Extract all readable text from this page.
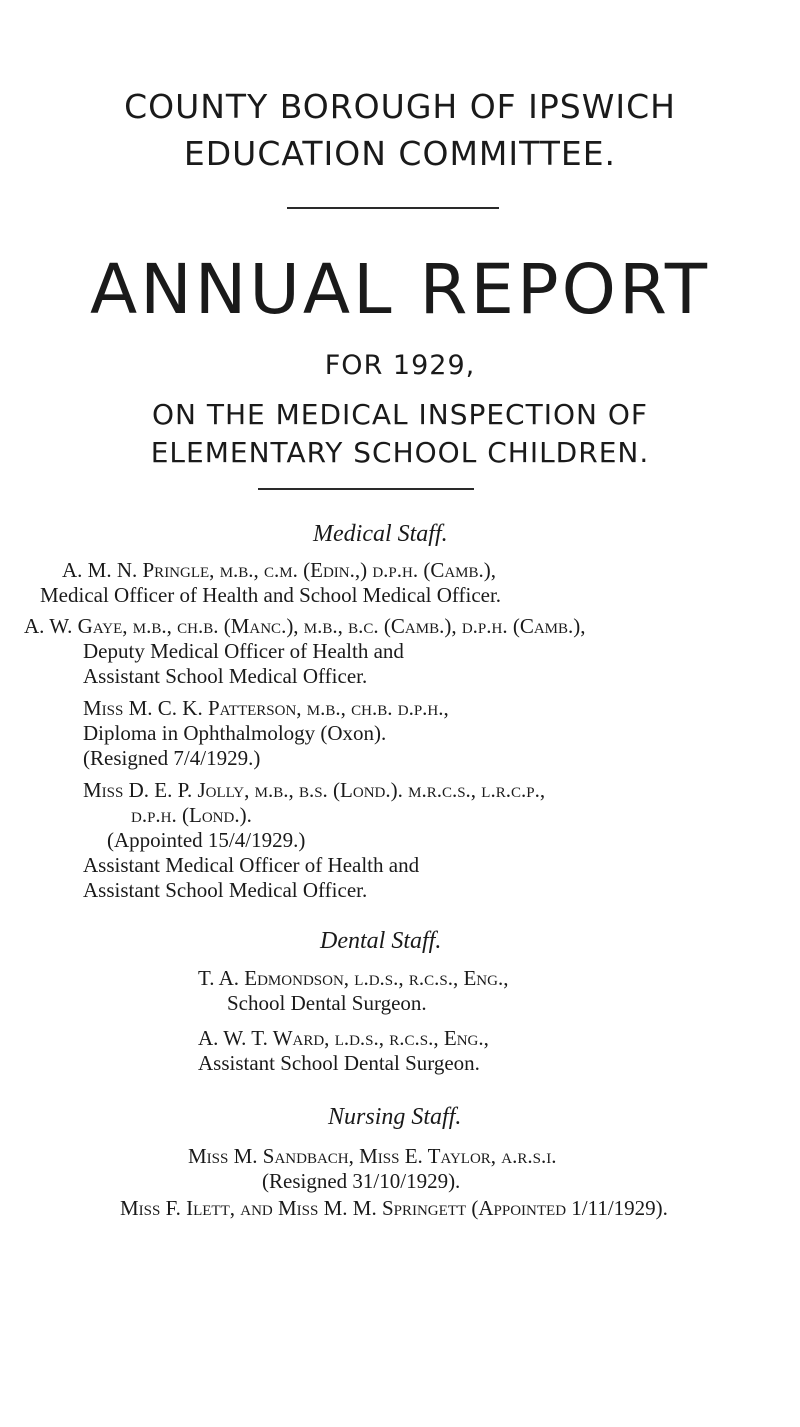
COUNTY BOROUGH OF IPSWICH
EDUCATION COMMITTEE.
ANNUAL REPORT
FOR 1929,
ON THE MEDICAL INSPECTION OF
ELEMENTARY SCHOOL CHILDREN.
Medical Staff.
A. M. N. Pringle, m.b., c.m. (Edin.,) d.p.h. (Camb.),
Medical Officer of Health and School Medical Officer.
A. W. Gaye, m.b., ch.b. (Manc.), m.b., b.c. (Camb.), d.p.h. (Camb.),
Deputy Medical Officer of Health and
Assistant School Medical Officer.
Miss M. C. K. Patterson, m.b., ch.b. d.p.h.,
Diploma in Ophthalmology (Oxon).
(Resigned 7/4/1929.)
Miss D. E. P. Jolly, m.b., b.s. (Lond.). m.r.c.s., l.r.c.p.,
d.p.h. (Lond.).
(Appointed 15/4/1929.)
Assistant Medical Officer of Health and
Assistant School Medical Officer.
Dental Staff.
T. A. Edmondson, l.d.s., r.c.s., Eng.,
School Dental Surgeon.
A. W. T. Ward, l.d.s., r.c.s., Eng.,
Assistant School Dental Surgeon.
Nursing Staff.
Miss M. Sandbach, Miss E. Taylor, a.r.s.i.
(Resigned 31/10/1929).
Miss F. Ilett, and Miss M. M. Springett (Appointed 1/11/1929).
